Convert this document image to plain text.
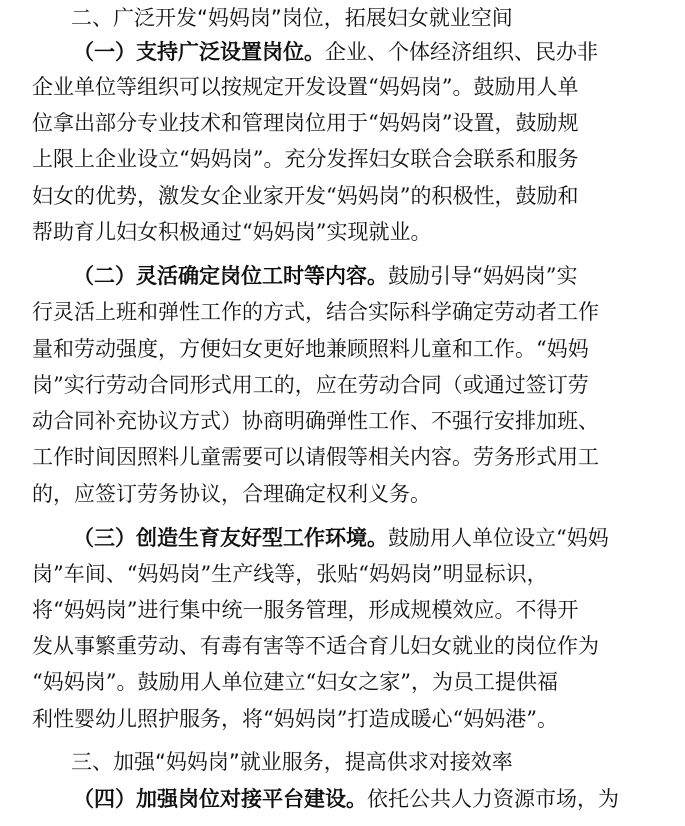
二、广泛开发“妈妈岗”岗位，拓展妇女就业空间
（一）支持广泛设置岗位。企业、个体经济组织、民办非
企业单位等组织可以按规定开发设置“妈妈岗”。鼓励用人单
位拿出部分专业技术和管理岗位用于“妈妈岗”设置，鼓励规
上限上企业设立“妈妈岗”。充分发挥妇女联合会联系和服务
妇女的优势，激发女企业家开发“妈妈岗”的积极性，鼓励和
帮助育儿妇女积极通过“妈妈岗”实现就业。
（二）灵活确定岗位工时等内容。鼓励引导“妈妈岗”实
行灵活上班和弹性工作的方式，结合实际科学确定劳动者工作
量和劳动强度，方便妇女更好地兼顾照料儿童和工作。“妈妈
岗”实行劳动合同形式用工的，应在劳动合同（或通过签订劳
动合同补充协议方式）协商明确弹性工作、不强行安排加班、
工作时间因照料儿童需要可以请假等相关内容。劳务形式用工
的，应签订劳务协议，合理确定权利义务。
（三）创造生育友好型工作环境。鼓励用人单位设立“妈妈
岗”车间、“妈妈岗”生产线等，张贴“妈妈岗”明显标识，
将“妈妈岗”进行集中统一服务管理，形成规模效应。不得开
发从事繁重劳动、有毒有害等不适合育儿妇女就业的岗位作为
“妈妈岗”。鼓励用人单位建立“妇女之家”，为员工提供福
利性婴幼儿照护服务，将“妈妈岗”打造成暖心“妈妈港”。
三、加强“妈妈岗”就业服务，提高供求对接效率
（四）加强岗位对接平台建设。依托公共人力资源市场，为
